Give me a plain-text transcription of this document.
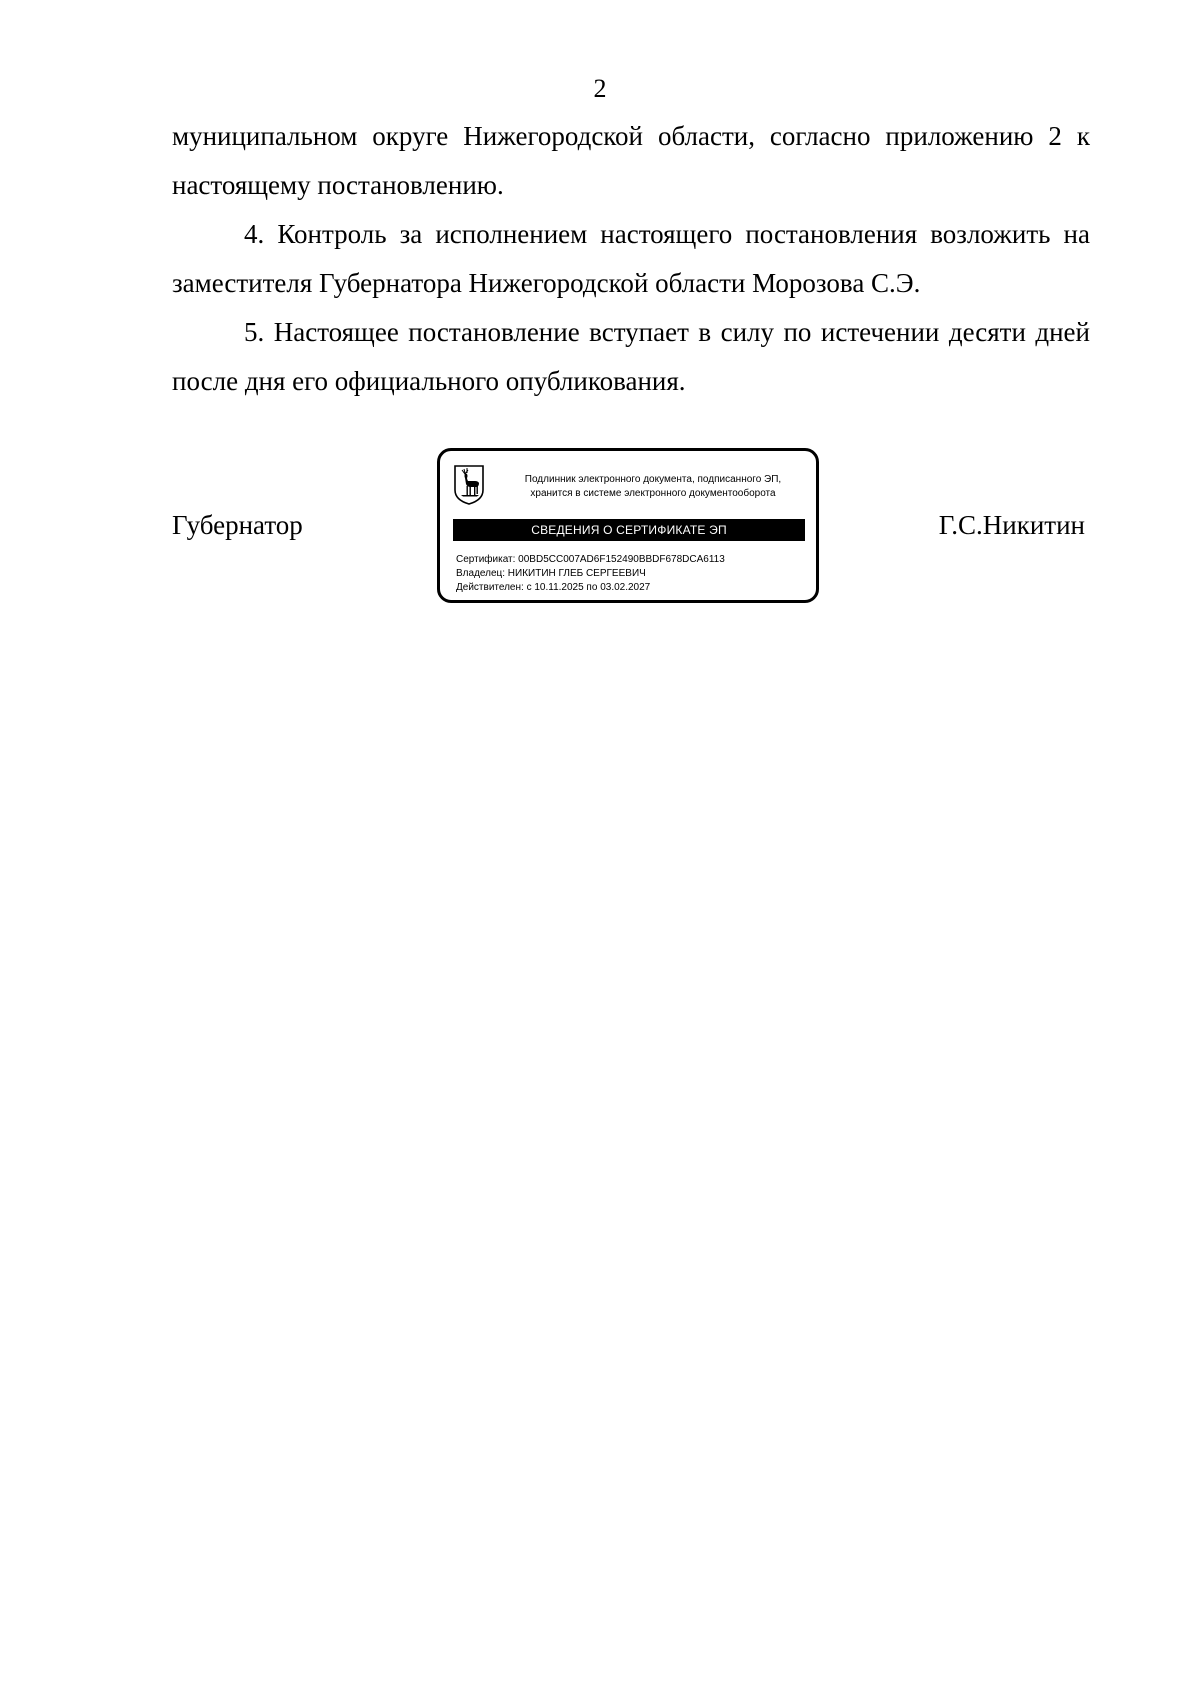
2

муниципальном округе Нижегородской области, согласно приложению 2 к настоящему постановлению.

4. Контроль за исполнением настоящего постановления возложить на заместителя Губернатора Нижегородской области Морозова С.Э.

5. Настоящее постановление вступает в силу по истечении десяти дней после дня его официального опубликования.

Губернатор	Г.С.Никитин
Подлинник электронного документа, подписанного ЭП,
хранится в системе электронного документооборота
СВЕДЕНИЯ О СЕРТИФИКАТЕ ЭП
Сертификат: 00BD5CC007AD6F152490BBDF678DCA6113
Владелец: НИКИТИН ГЛЕБ СЕРГЕЕВИЧ
Действителен: с 10.11.2025 по 03.02.2027
